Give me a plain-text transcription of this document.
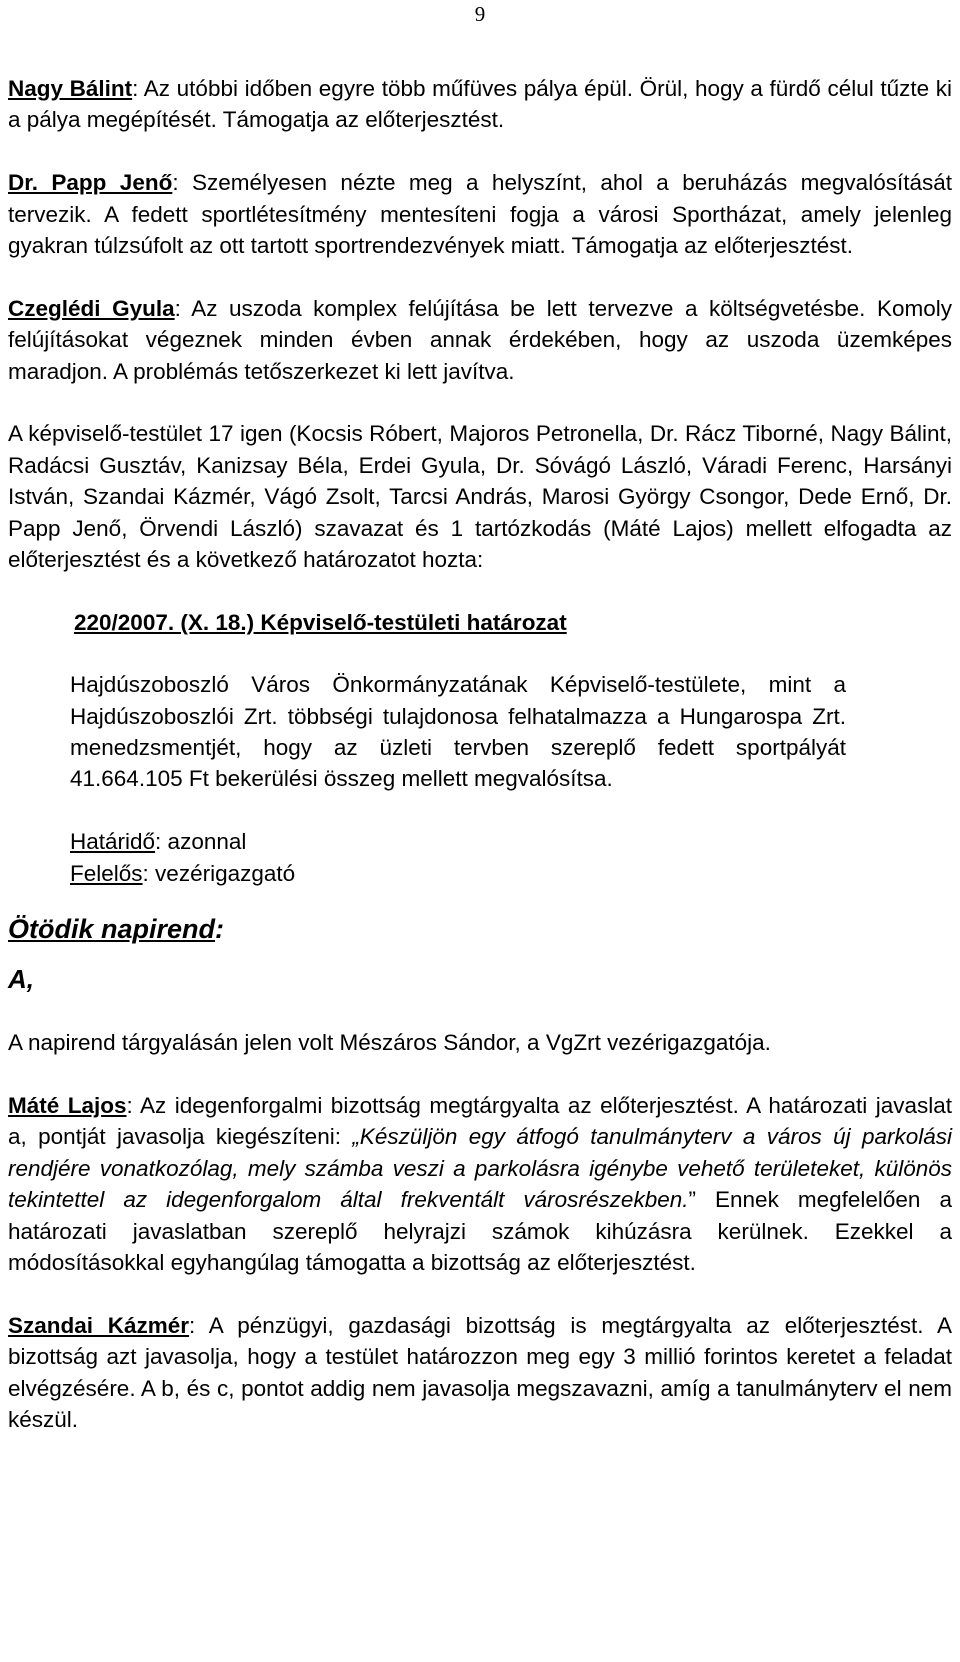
9

Nagy Bálint: Az utóbbi időben egyre több műfüves pálya épül. Örül, hogy a fürdő célul tűzte ki a pálya megépítését. Támogatja az előterjesztést.

Dr. Papp Jenő: Személyesen nézte meg a helyszínt, ahol a beruházás megvalósítását tervezik. A fedett sportlétesítmény mentesíteni fogja a városi Sportházat, amely jelenleg gyakran túlzsúfolt az ott tartott sportrendezvények miatt. Támogatja az előterjesztést.

Czeglédi Gyula: Az uszoda komplex felújítása be lett tervezve a költségvetésbe. Komoly felújításokat végeznek minden évben annak érdekében, hogy az uszoda üzemképes maradjon. A problémás tetőszerkezet ki lett javítva.

A képviselő-testület 17 igen (Kocsis Róbert, Majoros Petronella, Dr. Rácz Tiborné, Nagy Bálint, Radácsi Gusztáv, Kanizsay Béla, Erdei Gyula, Dr. Sóvágó László, Váradi Ferenc, Harsányi István, Szandai Kázmér, Vágó Zsolt, Tarcsi András, Marosi György Csongor, Dede Ernő, Dr. Papp Jenő, Örvendi László) szavazat és 1 tartózkodás (Máté Lajos) mellett elfogadta az előterjesztést és a következő határozatot hozta:

220/2007. (X. 18.) Képviselő-testületi határozat

Hajdúszoboszló Város Önkormányzatának Képviselő-testülete, mint a Hajdúszoboszlói Zrt. többségi tulajdonosa felhatalmazza a Hungarospa Zrt. menedzsmentjét, hogy az üzleti tervben szereplő fedett sportpályát 41.664.105 Ft bekerülési összeg mellett megvalósítsa.

Határidő: azonnal
Felelős: vezérigazgató
Ötödik napirend:
A,

A napirend tárgyalásán jelen volt Mészáros Sándor, a VgZrt vezérigazgatója.

Máté Lajos: Az idegenforgalmi bizottság megtárgyalta az előterjesztést. A határozati javaslat a, pontját javasolja kiegészíteni: „Készüljön egy átfogó tanulmányterv a város új parkolási rendjére vonatkozólag, mely számba veszi a parkolásra igénybe vehető területeket, különös tekintettel az idegenforgalom által frekventált városrészekben.” Ennek megfelelően a határozati javaslatban szereplő helyrajzi számok kihúzásra kerülnek. Ezekkel a módosításokkal egyhangúlag támogatta a bizottság az előterjesztést.

Szandai Kázmér: A pénzügyi, gazdasági bizottság is megtárgyalta az előterjesztést. A bizottság azt javasolja, hogy a testület határozzon meg egy 3 millió forintos keretet a feladat elvégzésére. A b, és c, pontot addig nem javasolja megszavazni, amíg a tanulmányterv el nem készül.
